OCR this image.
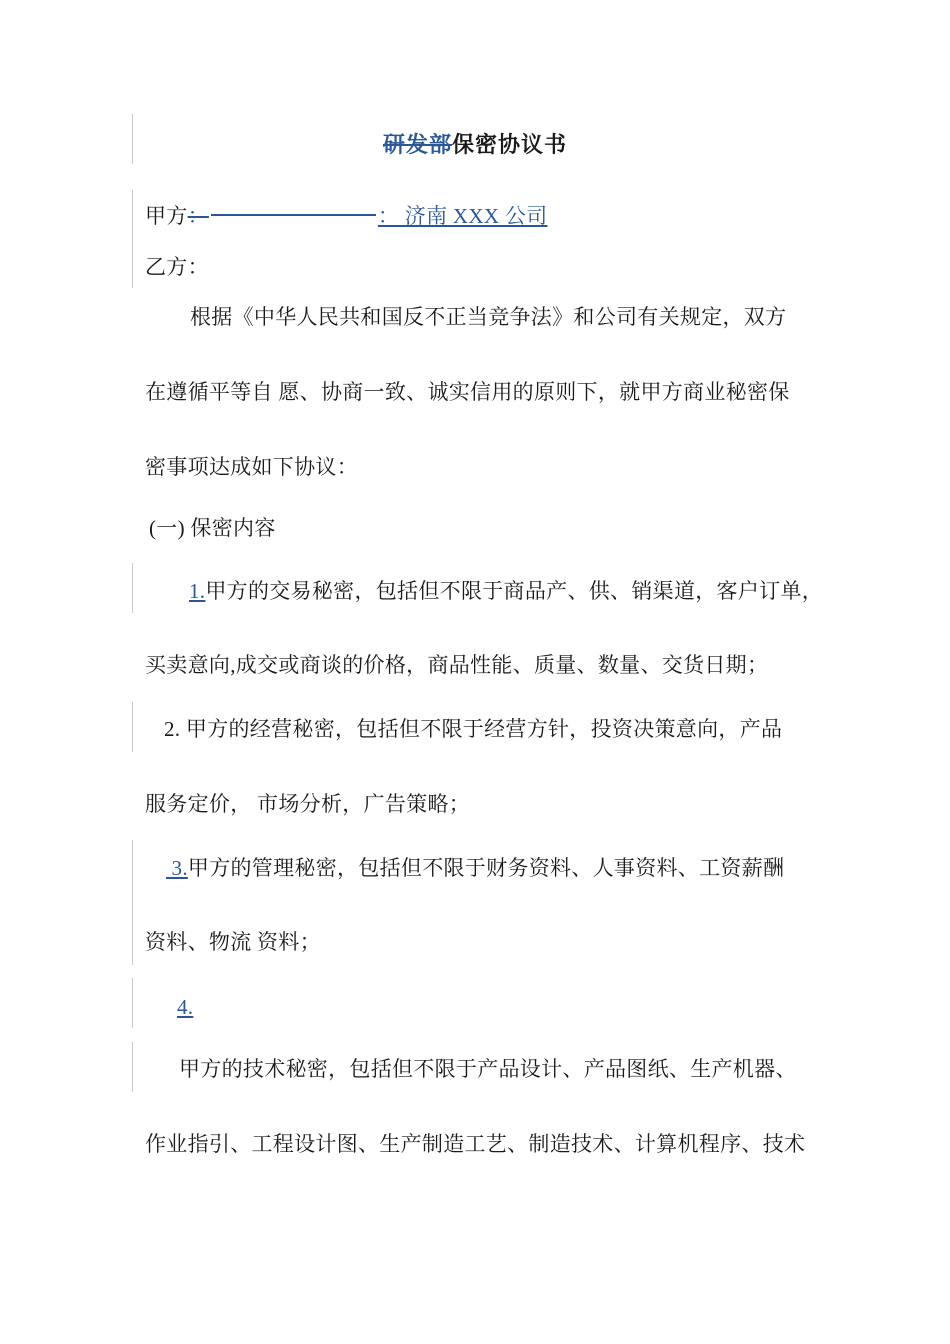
研发部保密协议书
甲方：	： 济南 XXX 公司
乙方：
根据《中华人民共和国反不正当竞争法》和公司有关规定，双方
在遵循平等自 愿、协商一致、诚实信用的原则下，就甲方商业秘密保
密事项达成如下协议：
(一) 保密内容
1.甲方的交易秘密，包括但不限于商品产、供、销渠道，客户订单，
买卖意向,成交或商谈的价格，商品性能、质量、数量、交货日期；
2. 甲方的经营秘密，包括但不限于经营方针，投资决策意向，产品
服务定价， 市场分析，广告策略；
3.甲方的管理秘密，包括但不限于财务资料、人事资料、工资薪酬
资料、物流 资料；
4.
甲方的技术秘密，包括但不限于产品设计、产品图纸、生产机器、
作业指引、工程设计图、生产制造工艺、制造技术、计算机程序、技术
